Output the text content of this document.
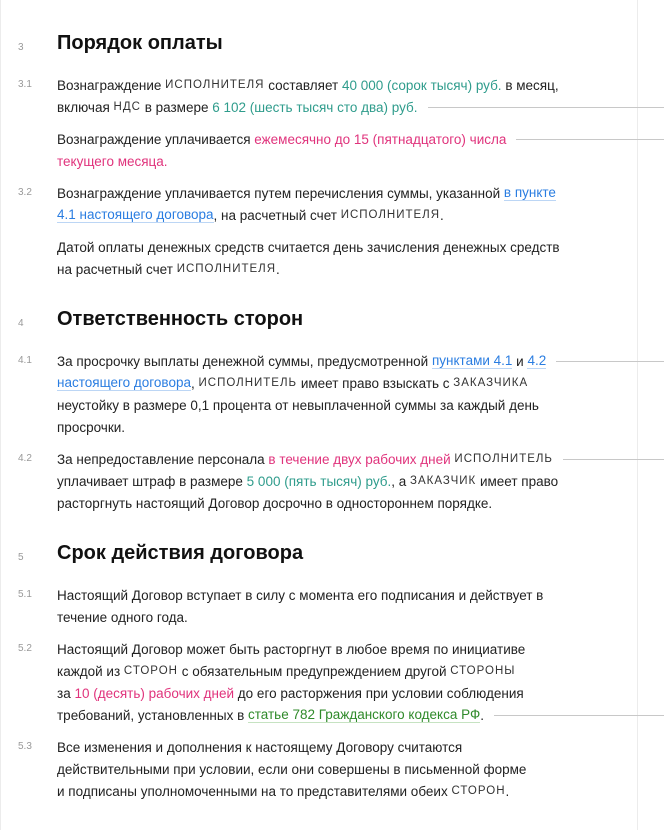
3	Порядок оплаты
3.1	Вознаграждение ИСПОЛНИТЕЛЯ составляет 40 000 (сорок тысяч) руб. в месяц,
включая НДС в размере 6 102 (шесть тысяч сто два) руб.
Вознаграждение уплачивается ежемесячно до 15 (пятнадцатого) числа
текущего месяца.
3.2	Вознаграждение уплачивается путем перечисления суммы, указанной в пункте
4.1 настоящего договора , на расчетный счет ИСПОЛНИТЕЛЯ .
Датой оплаты денежных средств считается день зачисления денежных средств
на расчетный счет ИСПОЛНИТЕЛЯ .
4	Ответственность сторон
4.1	За просрочку выплаты денежной суммы, предусмотренной пунктами 4.1 и 4.2
настоящего договора , ИСПОЛНИТЕЛЬ имеет право взыскать с ЗАКАЗЧИКА
неустойку в размере 0,1 процента от невыплаченной суммы за каждый день
просрочки.
4.2	За непредоставление персонала в течение двух рабочих дней
ИСПОЛНИТЕЛЬ
уплачивает штраф в размере 5 000 (пять тысяч) руб. , а ЗАКАЗЧИК имеет право
расторгнуть настоящий Договор досрочно в одностороннем порядке.
5	Срок действия договора
5.1	Настоящий Договор вступает в силу с момента его подписания и действует в
течение одного года.
5.2	Настоящий Договор может быть расторгнут в любое время по инициативе
каждой из СТОРОН с обязательным предупреждением другой СТОРОНЫ
за 10 (десять) рабочих дней до его расторжения при условии соблюдения
требований, установленных в статье 782 Гражданского кодекса РФ .
5.3	Все изменения и дополнения к настоящему Договору считаются
действительными при условии, если они совершены в письменной форме
и подписаны уполномоченными на то представителями обеих СТОРОН .
